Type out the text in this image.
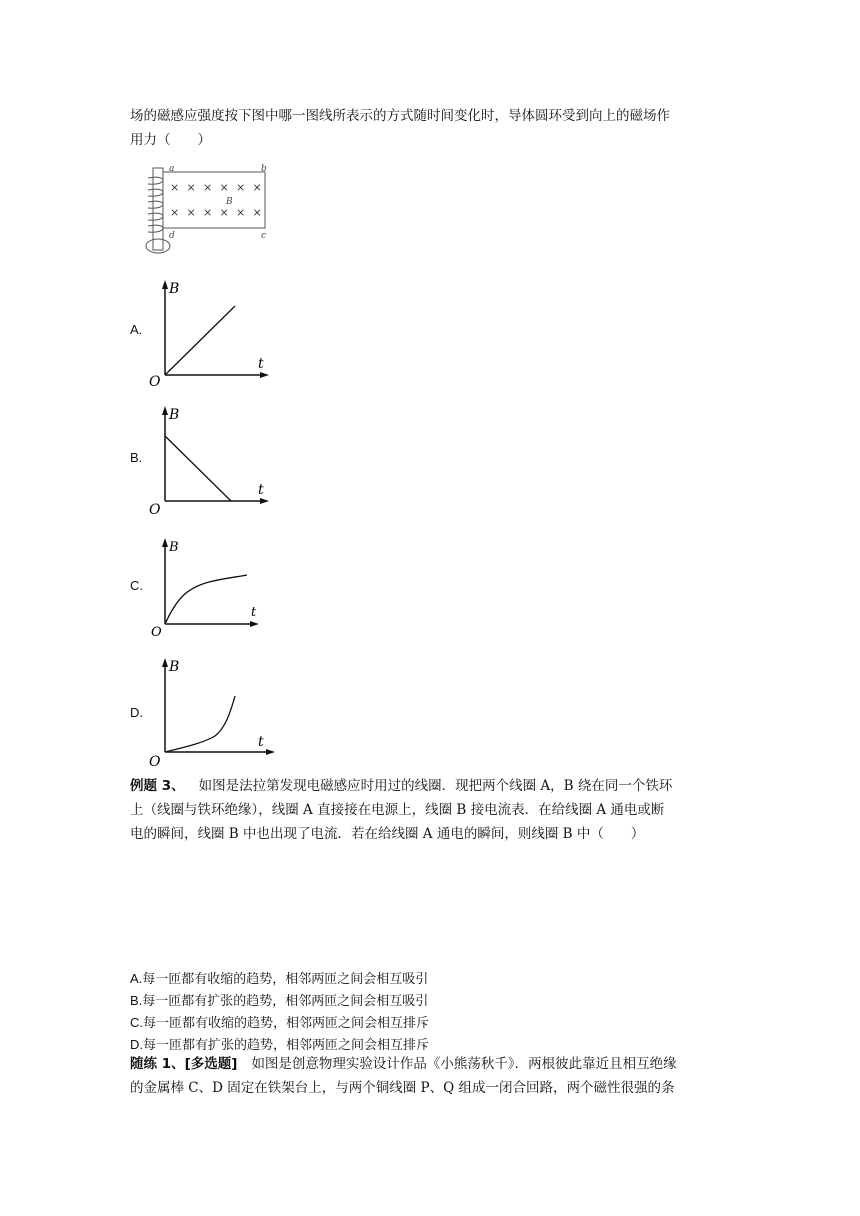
场的磁感应强度按下图中哪一图线所表示的方式随时间变化时，导体圆环受到向上的磁场作
用力（　　）
× × × × × ×
× × × × × ×
a	b
c
d
B
A.
B
t
O
B.
B
t
O
C.
B
t
O
D.
B
t
O
例题 3、 如图是法拉第发现电磁感应时用过的线圈．现把两个线圈 A，B 绕在同一个铁环
上（线圈与铁环绝缘），线圈 A 直接接在电源上，线圈 B 接电流表．在给线圈 A 通电或断
电的瞬间，线圈 B 中也出现了电流．若在给线圈 A 通电的瞬间，则线圈 B 中（　　）
A.每一匝都有收缩的趋势，相邻两匝之间会相互吸引
B.每一匝都有扩张的趋势，相邻两匝之间会相互吸引
C.每一匝都有收缩的趋势，相邻两匝之间会相互排斥
D.每一匝都有扩张的趋势，相邻两匝之间会相互排斥
随练 1、[多选题] 如图是创意物理实验设计作品《小熊荡秋千》．两根彼此靠近且相互绝缘
的金属棒 C、D 固定在铁架台上，与两个铜线圈 P、Q 组成一闭合回路，两个磁性很强的条
